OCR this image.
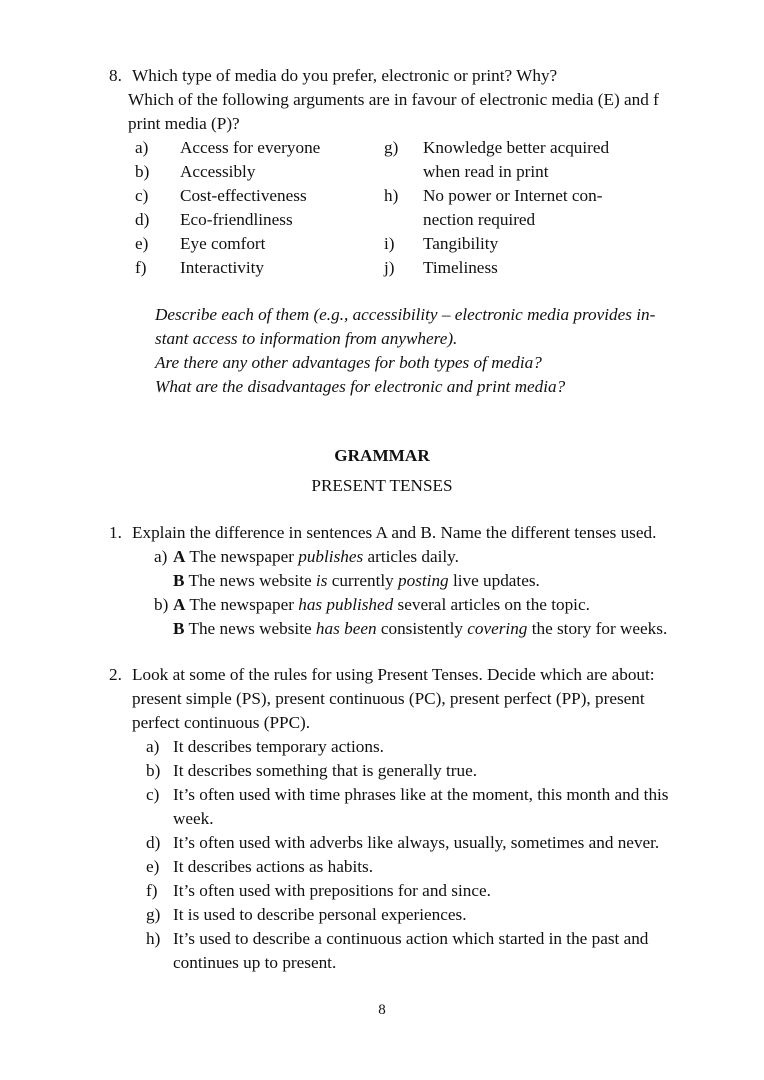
8. Which type of media do you prefer, electronic or print? Why?
Which of the following arguments are in favour of electronic media (E) and f
print media (P)?
a) Access for everyone
b) Accessibly
c) Cost-effectiveness
d) Eco-friendliness
e) Eye comfort
f) Interactivity
g) Knowledge better acquired
when read in print
h) No power or Internet con-
nection required
i) Tangibility
j) Timeliness
Describe each of them (e.g., accessibility – electronic media provides in-
stant access to information from anywhere).
Are there any other advantages for both types of media?
What are the disadvantages for electronic and print media?
GRAMMAR
PRESENT TENSES
1. Explain the difference in sentences A and B. Name the different tenses used.
a) A The newspaper publishes articles daily.
B The news website is currently posting live updates.
b) A The newspaper has published several articles on the topic.
B The news website has been consistently covering the story for weeks.
2. Look at some of the rules for using Present Tenses. Decide which are about:
present simple (PS), present continuous (PC), present perfect (PP), present
perfect continuous (PPC).
a) It describes temporary actions.
b) It describes something that is generally true.
c) It’s often used with time phrases like at the moment, this month and this
week.
d) It’s often used with adverbs like always, usually, sometimes and never.
e) It describes actions as habits.
f) It’s often used with prepositions for and since.
g) It is used to describe personal experiences.
h) It’s used to describe a continuous action which started in the past and
continues up to present.
8
